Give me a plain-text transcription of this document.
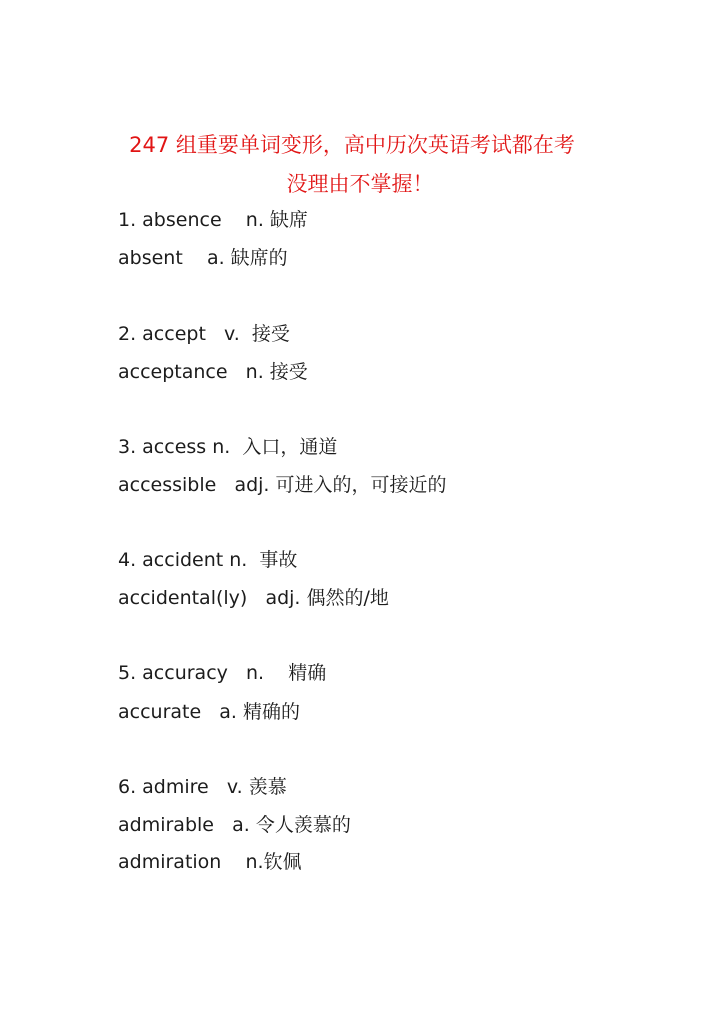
247 组重要单词变形，高中历次英语考试都在考
没理由不掌握！
1. absence    n. 缺席
absent    a. 缺席的
2. accept   v.  接受
acceptance   n. 接受
3. access n.  入口，通道
accessible   adj. 可进入的，可接近的
4. accident n.  事故
accidental(ly)   adj. 偶然的/地
5. accuracy   n.    精确
accurate   a. 精确的
6. admire   v. 羡慕
admirable   a. 令人羡慕的
admiration    n.钦佩
